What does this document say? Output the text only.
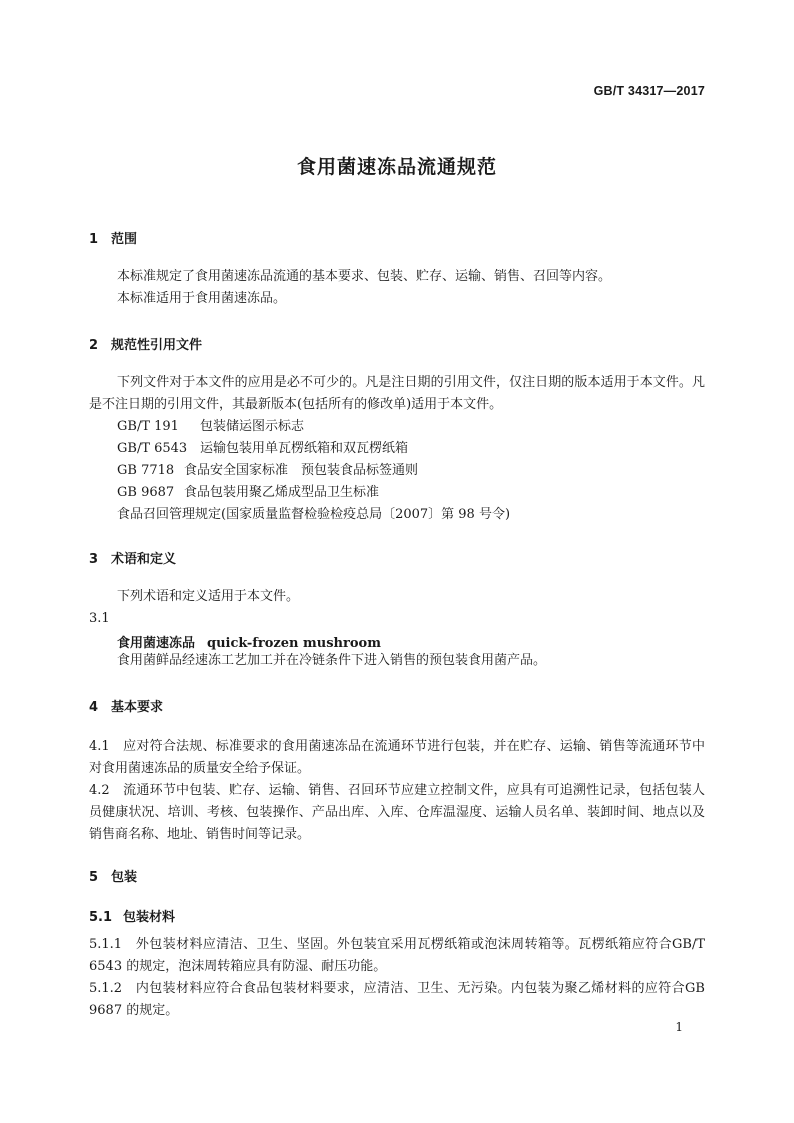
GB/T 34317—2017
食用菌速冻品流通规范
1 范围
本标准规定了食用菌速冻品流通的基本要求、包装、贮存、运输、销售、召回等内容。
本标准适用于食用菌速冻品。
2 规范性引用文件
下列文件对于本文件的应用是必不可少的。凡是注日期的引用文件，仅注日期的版本适用于本文件。凡是不注日期的引用文件，其最新版本(包括所有的修改单)适用于本文件。
GB/T 191 包装储运图示标志
GB/T 6543 运输包装用单瓦楞纸箱和双瓦楞纸箱
GB 7718 食品安全国家标准　预包装食品标签通则
GB 9687 食品包装用聚乙烯成型品卫生标准
食品召回管理规定(国家质量监督检验检疫总局〔2007〕第 98 号令)
3 术语和定义
下列术语和定义适用于本文件。
3.1
食用菌速冻品 quick-frozen mushroom
食用菌鲜品经速冻工艺加工并在冷链条件下进入销售的预包装食用菌产品。
4 基本要求
4.1　应对符合法规、标准要求的食用菌速冻品在流通环节进行包装，并在贮存、运输、销售等流通环节中对食用菌速冻品的质量安全给予保证。
4.2　流通环节中包装、贮存、运输、销售、召回环节应建立控制文件，应具有可追溯性记录，包括包装人员健康状况、培训、考核、包装操作、产品出库、入库、仓库温湿度、运输人员名单、装卸时间、地点以及销售商名称、地址、销售时间等记录。
5 包装
5.1 包装材料
5.1.1　外包装材料应清洁、卫生、坚固。外包装宜采用瓦楞纸箱或泡沫周转箱等。瓦楞纸箱应符合GB/T 6543 的规定，泡沫周转箱应具有防湿、耐压功能。
5.1.2　内包装材料应符合食品包装材料要求，应清洁、卫生、无污染。内包装为聚乙烯材料的应符合GB 9687 的规定。
1
